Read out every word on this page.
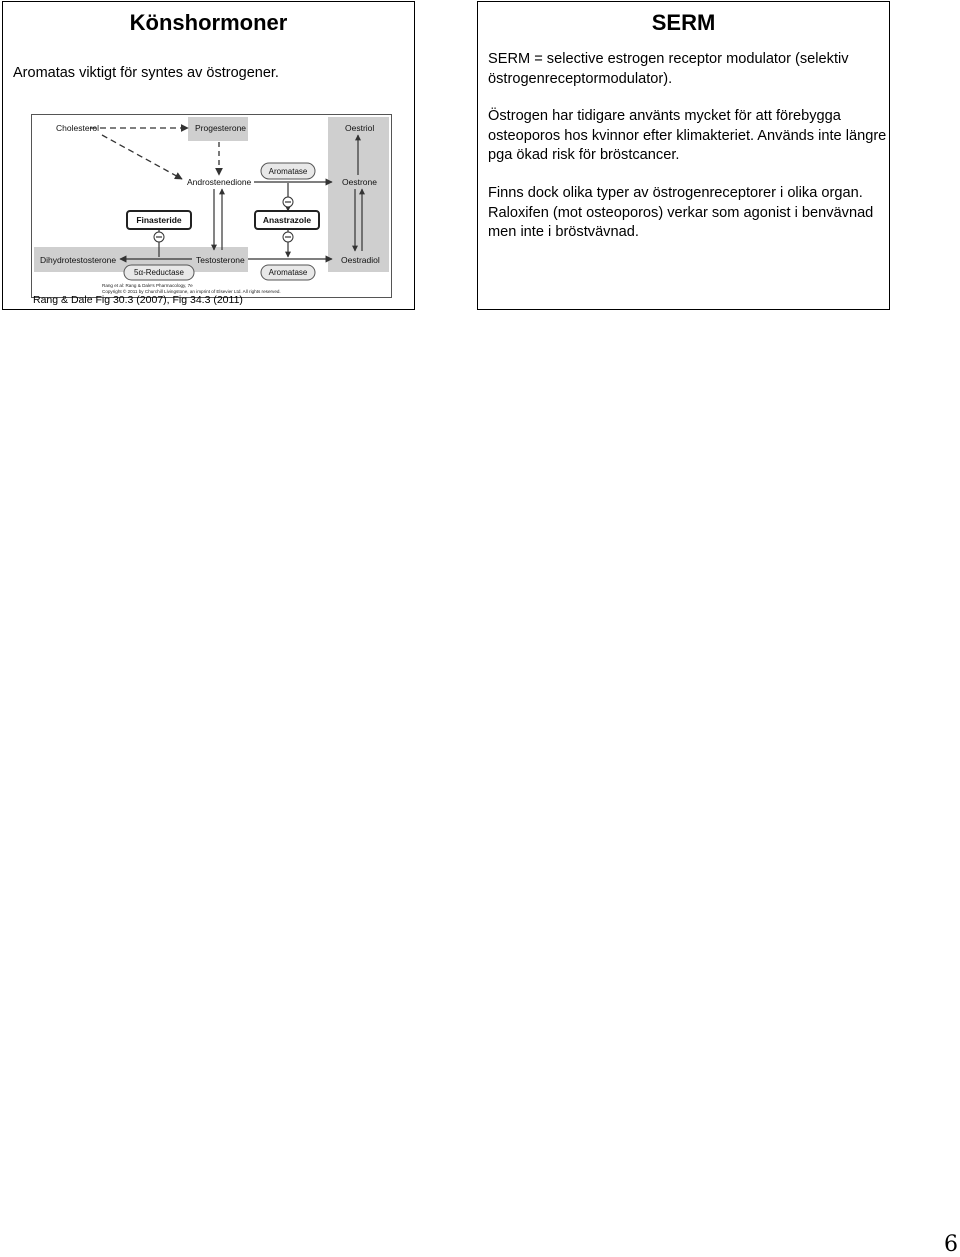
Könshormoner
Aromatas viktigt för syntes av östrogener.
Cholesterol	Progesterone	Oestriol
Androstenedione	Oestrone
Dihydrotestosterone	Testosterone	Oestradiol
Aromatase
Aromatase
5α-Reductase
Finasteride	Anastrazole
Rang et al: Rang & Dale's Pharmacology, 7e
Copyright © 2011 by Churchill Livingstone, an imprint of Elsevier Ltd. All rights reserved.
Rang & Dale Fig 30.3 (2007), Fig 34.3 (2011)
SERM
SERM = selective estrogen receptor modulator (selektiv östrogenreceptormodulator).
Östrogen har tidigare använts mycket för att förebygga osteoporos hos kvinnor efter klimakteriet. Används inte längre pga ökad risk för bröstcancer.
Finns dock olika typer av östrogenreceptorer i olika organ. Raloxifen (mot osteoporos) verkar som agonist i benvävnad men inte i bröstvävnad.
6
